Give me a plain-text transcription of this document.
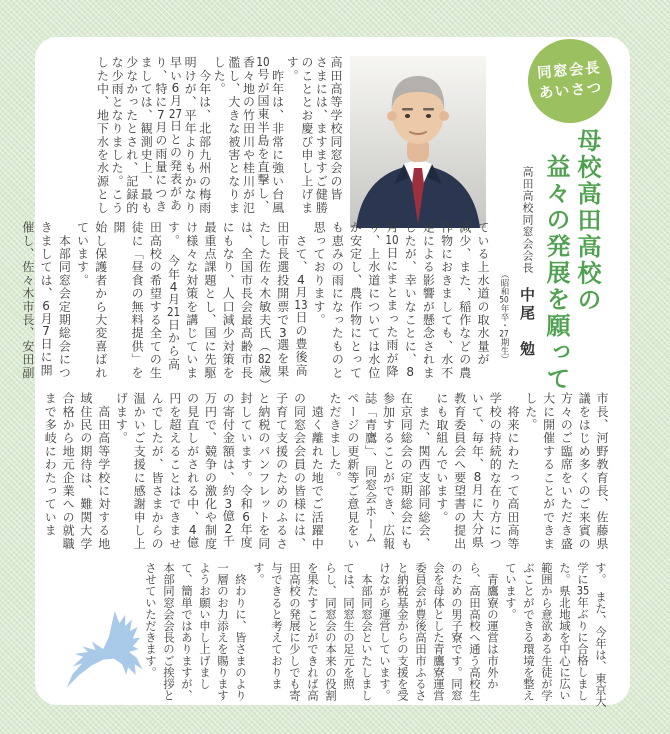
同窓会長
あいさつ
母校高田高校の
益々の発展を願って
高田高校同窓会会長 中尾　勉
（昭和50年卒・27期生）
高田高等学校同窓会の皆
さまには、ますますご健勝
のこととお慶び申し上げま
す。
　昨年は、非常に強い台風
10号が国東半島を直撃し、
香々地の竹田川や桂川が氾
濫し、大きな被害となりま
した。
　今年は、北部九州の梅雨
明けが、平年よりもかなり
早い6月27日との発表があ
り、特に7月の雨量につき
ましては、観測史上、最も
少なかったとされ、記録的
な少雨となりました。こう
した中、地下水を水源とし
ている上水道の取水量が
減少、また、稲作などの農
作物におきましても、水不
足による影響が懸念されま
したが、幸いなことに、8
月10日にまとまった雨が降
り、上水道については水位
が安定し、農作物にとって
も恵みの雨になったものと
思っております。
　さて、4月13日の豊後高
田市長選投開票で3選を果
たした佐々木敏夫氏（82歳）
は、全国市長会最高齢市長
にもなり、人口減少対策を
最重点課題とし、国に先駆
け様々な対策を講じていま
す。　今年4月21日から高
田高校の希望する全ての生
徒に「昼食の無料提供」を開
始し保護者から大変喜ばれ
ています。
　本部同窓会定期総会につ
きましては、6月7日に開
催し、佐々木市長、安田副
市長、河野教育長、佐藤県
議をはじめ多くのご来賓の
方々のご臨席をいただき盛
大に開催することができま
した。
　将来にわたって高田高等
学校の持続的な在り方につ
いて、毎年、8月に大分県
教育委員会へ要望書の提出
にも取組んでいます。
　また、関西支部同総会、
在京同総会の定期総会にも
参加することができ、広報
誌「青鷹」、同窓会ホーム
ページの更新等ご意見をい
ただきました。
　遠く離れた地でご活躍中
の同窓会会員の皆様には、
子育て支援のためのふるさ
と納税のパンフレットを同
封しています。令和6年度
の寄付金額は、約3億2千
万円で、競争の激化や制度
の見直しがされる中、4億
円を超えることはできませ
んでしたが、皆さまからの
温かいご支援に感謝申し上
げます。
　高田高等学校に対する地
域住民の期待は、難関大学
合格から地元企業への就職
まで多岐にわたっていま
す。　また、今年は、東京大
学に35年ぶりに合格しまし
た。県北地域を中心に広い
範囲から意欲ある生徒が学
ぶことができる環境を整え
ています。
　青鷹寮の運営は市外か
ら、高田高校へ通う高校生
のための男子寮です。同窓
会を母体とした青鷹寮運営
委員会が豊後高田市ふるさ
と納税基金からの支援を受
けながら運営しています。
　本部同窓会といたしまし
ては、同窓生の足元を照
らし、同窓会の本来の役割
を果たすことができれば高
田高校の発展に少しでも寄
与できると考えておりま
す。
　終わりに、皆さまのより
一層のお力添えを賜ります
ようお願い申し上げまし
て、簡単ではありますが、
本部同窓会会長のご挨拶と
させていただきます。
